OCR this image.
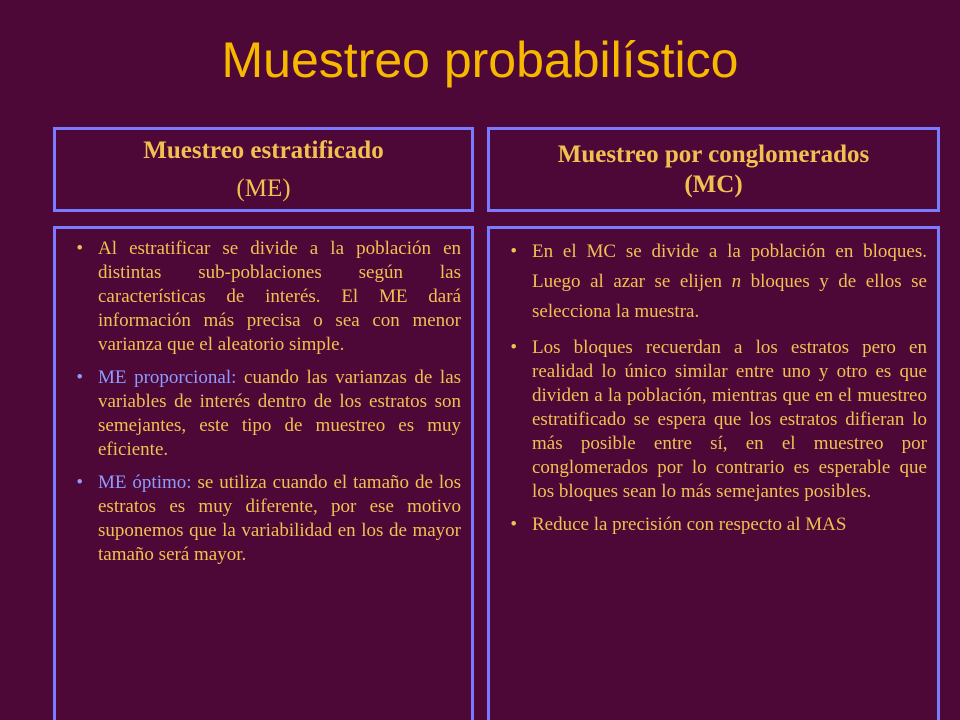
Muestreo probabilístico
Muestreo estratificado
(ME)
Muestreo por conglomerados
(MC)
• Al estratificar se divide a la población en distintas sub-poblaciones según las características de interés. El ME dará información más precisa o sea con menor varianza que el aleatorio simple.
• ME proporcional: cuando las varianzas de las variables de interés dentro de los estratos son semejantes, este tipo de muestreo es muy eficiente.
• ME óptimo: se utiliza cuando el tamaño de los estratos es muy diferente, por ese motivo suponemos que la variabilidad en los de mayor tamaño será mayor.
• En el MC se divide a la población en bloques. Luego al azar se elijen n bloques y de ellos se selecciona la muestra.
• Los bloques recuerdan a los estratos pero en realidad lo único similar entre uno y otro es que dividen a la población, mientras que en el muestreo estratificado se espera que los estratos difieran lo más posible entre sí, en el muestreo por conglomerados por lo contrario es esperable que los bloques sean lo más semejantes posibles.
• Reduce la precisión con respecto al MAS
